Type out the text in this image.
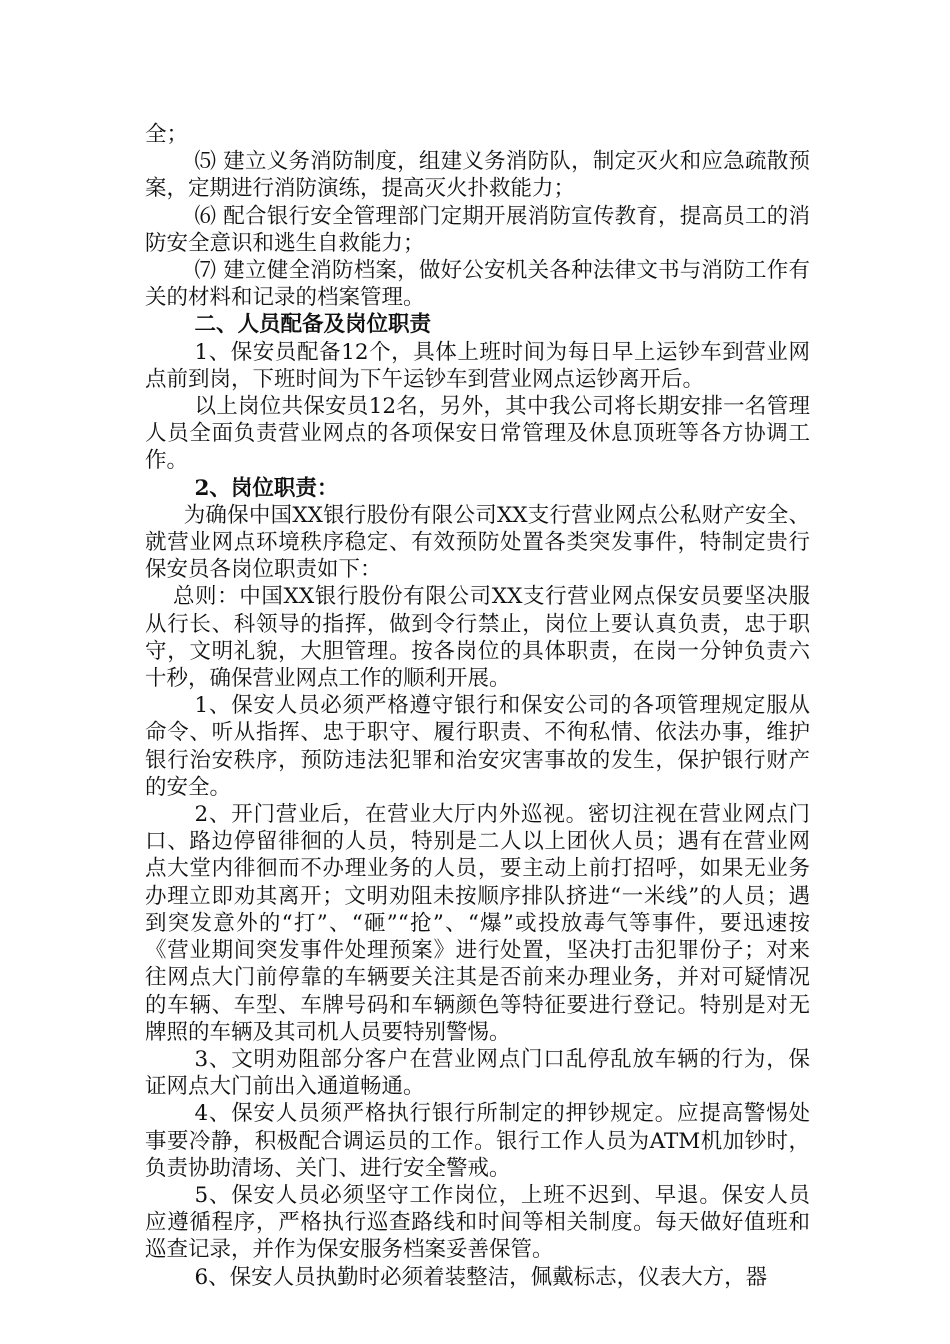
全；

⑸ 建立义务消防制度，组建义务消防队，制定灭火和应急疏散预案，定期进行消防演练，提高灭火扑救能力；

⑹ 配合银行安全管理部门定期开展消防宣传教育，提高员工的消防安全意识和逃生自救能力；

⑺ 建立健全消防档案，做好公安机关各种法律文书与消防工作有关的材料和记录的档案管理。

二、人员配备及岗位职责

1、保安员配备12个，具体上班时间为每日早上运钞车到营业网点前到岗，下班时间为下午运钞车到营业网点运钞离开后。

以上岗位共保安员12名，另外，其中我公司将长期安排一名管理人员全面负责营业网点的各项保安日常管理及休息顶班等各方协调工作。

2、岗位职责：

为确保中国XX银行股份有限公司XX支行营业网点公私财产安全、就营业网点环境秩序稳定、有效预防处置各类突发事件，特制定贵行保安员各岗位职责如下：

总则：中国XX银行股份有限公司XX支行营业网点保安员要坚决服从行长、科领导的指挥，做到令行禁止，岗位上要认真负责，忠于职守，文明礼貌，大胆管理。按各岗位的具体职责，在岗一分钟负责六十秒，确保营业网点工作的顺利开展。

1、保安人员必须严格遵守银行和保安公司的各项管理规定服从命令、听从指挥、忠于职守、履行职责、不徇私情、依法办事，维护银行治安秩序，预防违法犯罪和治安灾害事故的发生，保护银行财产的安全。

2、开门营业后，在营业大厅内外巡视。密切注视在营业网点门口、路边停留徘徊的人员，特别是二人以上团伙人员；遇有在营业网点大堂内徘徊而不办理业务的人员，要主动上前打招呼，如果无业务办理立即劝其离开；文明劝阻未按顺序排队挤进“一米线”的人员；遇到突发意外的“打”、“砸”“抢”、“爆”或投放毒气等事件，要迅速按《营业期间突发事件处理预案》进行处置，坚决打击犯罪份子；对来往网点大门前停靠的车辆要关注其是否前来办理业务，并对可疑情况的车辆、车型、车牌号码和车辆颜色等特征要进行登记。特别是对无牌照的车辆及其司机人员要特别警惕。

3、文明劝阻部分客户在营业网点门口乱停乱放车辆的行为，保证网点大门前出入通道畅通。

4、保安人员须严格执行银行所制定的押钞规定。应提高警惕处事要冷静，积极配合调运员的工作。银行工作人员为ATM机加钞时，负责协助清场、关门、进行安全警戒。

5、保安人员必须坚守工作岗位，上班不迟到、早退。保安人员应遵循程序，严格执行巡查路线和时间等相关制度。每天做好值班和巡查记录，并作为保安服务档案妥善保管。

6、保安人员执勤时必须着装整洁，佩戴标志，仪表大方，器
